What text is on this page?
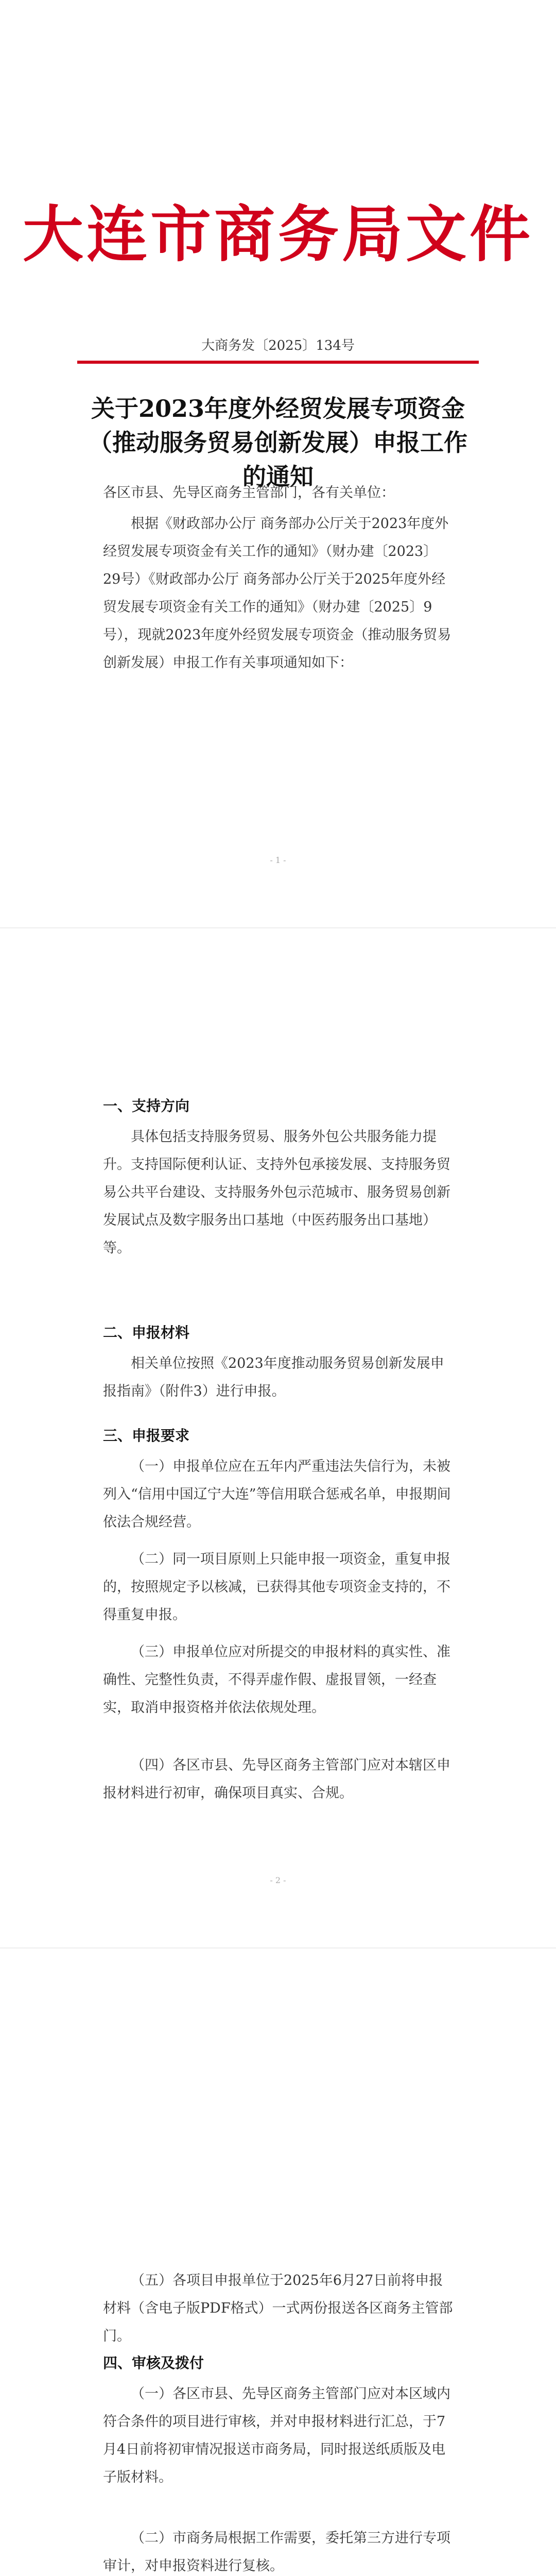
大连市商务局文件
大商务发〔2025〕134号
关于2023年度外经贸发展专项资金（推动服务贸易创新发展）申报工作的通知
各区市县、先导区商务主管部门，各有关单位：
根据《财政部办公厅 商务部办公厅关于2023年度外经贸发展专项资金有关工作的通知》（财办建〔2023〕29号）《财政部办公厅 商务部办公厅关于2025年度外经贸发展专项资金有关工作的通知》（财办建〔2025〕9号），现就2023年度外经贸发展专项资金（推动服务贸易创新发展）申报工作有关事项通知如下：
- 1 -
一、支持方向
具体包括支持服务贸易、服务外包公共服务能力提升。支持国际便利认证、支持外包承接发展、支持服务贸易公共平台建设、支持服务外包示范城市、服务贸易创新发展试点及数字服务出口基地（中医药服务出口基地）等。
二、申报材料
相关单位按照《2023年度推动服务贸易创新发展申报指南》（附件3）进行申报。
三、申报要求
（一）申报单位应在五年内严重违法失信行为，未被列入“信用中国辽宁大连”等信用联合惩戒名单，申报期间依法合规经营。
（二）同一项目原则上只能申报一项资金，重复申报的，按照规定予以核减，已获得其他专项资金支持的，不得重复申报。
（三）申报单位应对所提交的申报材料的真实性、准确性、完整性负责，不得弄虚作假、虚报冒领，一经查实，取消申报资格并依法依规处理。
（四）各区市县、先导区商务主管部门应对本辖区申报材料进行初审，确保项目真实、合规。
- 2 -
（五）各项目申报单位于2025年6月27日前将申报材料（含电子版PDF格式）一式两份报送各区商务主管部门。
四、审核及拨付
（一）各区市县、先导区商务主管部门应对本区域内符合条件的项目进行审核，并对申报材料进行汇总，于7月4日前将初审情况报送市商务局，同时报送纸质版及电子版材料。
（二）市商务局根据工作需要，委托第三方进行专项审计，对申报资料进行复核。
